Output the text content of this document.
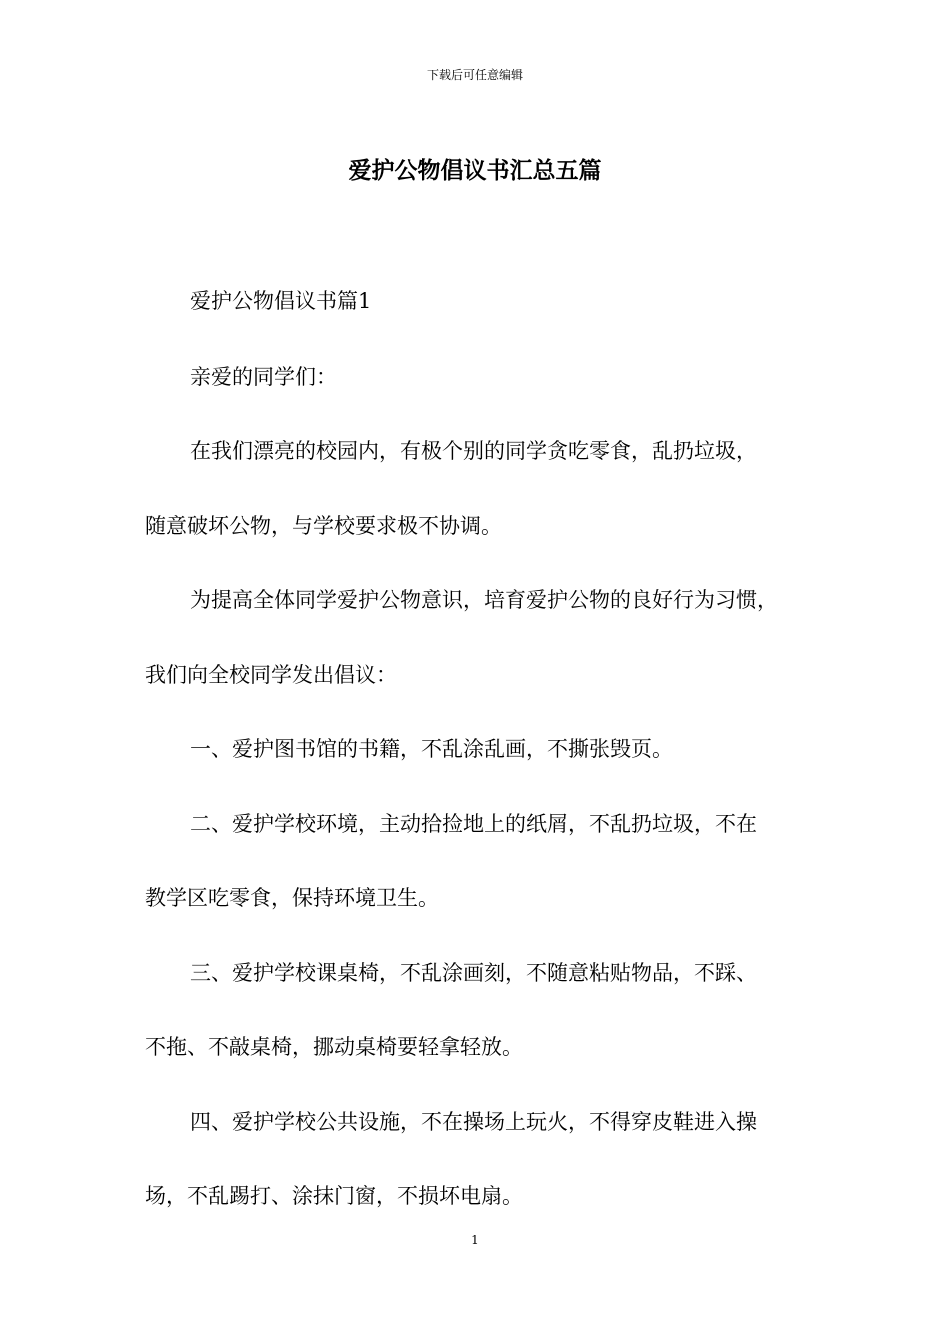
下载后可任意编辑
爱护公物倡议书汇总五篇
爱护公物倡议书篇1
亲爱的同学们：
在我们漂亮的校园内，有极个别的同学贪吃零食，乱扔垃圾，
随意破坏公物，与学校要求极不协调。
为提高全体同学爱护公物意识，培育爱护公物的良好行为习惯，
我们向全校同学发出倡议：
一、爱护图书馆的书籍，不乱涂乱画，不撕张毁页。
二、爱护学校环境，主动拾捡地上的纸屑，不乱扔垃圾，不在
教学区吃零食，保持环境卫生。
三、爱护学校课桌椅，不乱涂画刻，不随意粘贴物品，不踩、
不拖、不敲桌椅，挪动桌椅要轻拿轻放。
四、爱护学校公共设施，不在操场上玩火，不得穿皮鞋进入操
场，不乱踢打、涂抹门窗，不损坏电扇。
1
